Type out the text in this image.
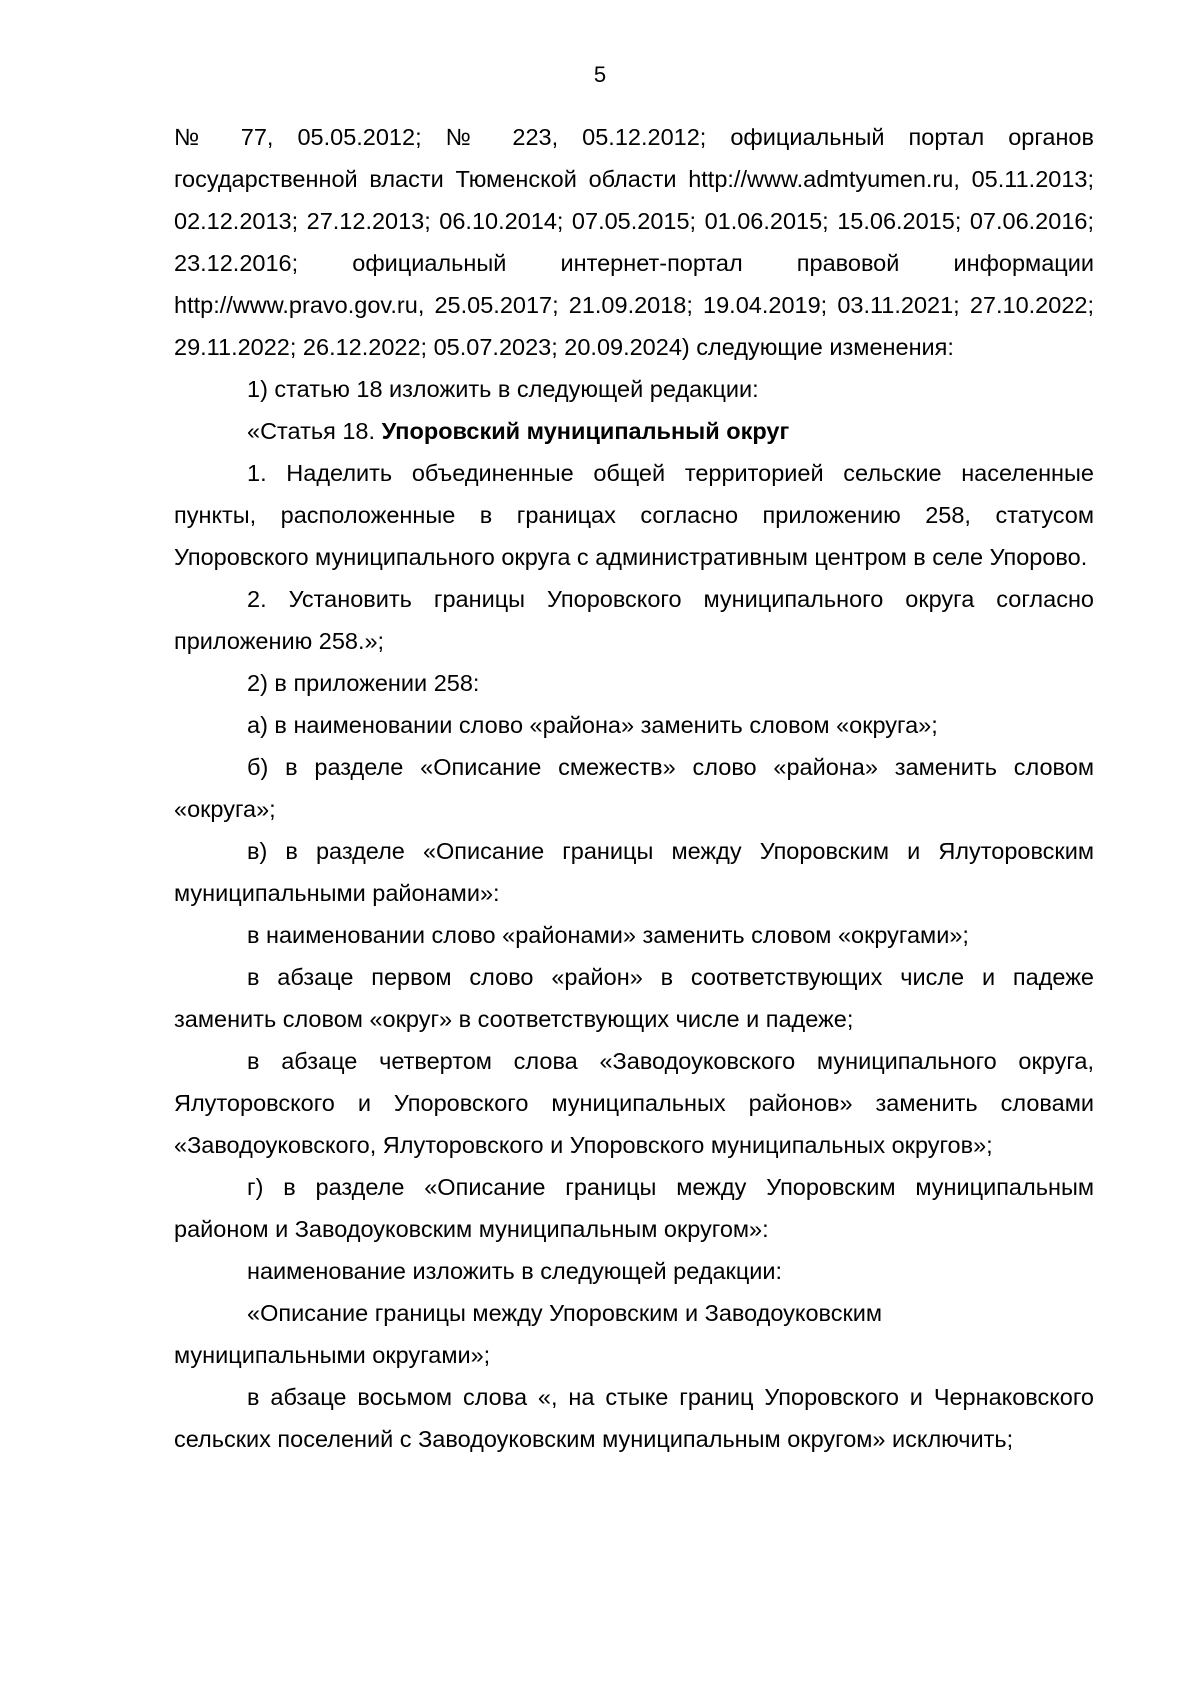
5

№ 77, 05.05.2012; № 223, 05.12.2012; официальный портал органов государственной власти Тюменской области http://www.admtyumen.ru, 05.11.2013; 02.12.2013; 27.12.2013; 06.10.2014; 07.05.2015; 01.06.2015; 15.06.2015; 07.06.2016; 23.12.2016; официальный интернет-портал правовой информации http://www.pravo.gov.ru, 25.05.2017; 21.09.2018; 19.04.2019; 03.11.2021; 27.10.2022; 29.11.2022; 26.12.2022; 05.07.2023; 20.09.2024) следующие изменения:

1) статью 18 изложить в следующей редакции:

«Статья 18. Упоровский муниципальный округ

1. Наделить объединенные общей территорией сельские населенные пункты, расположенные в границах согласно приложению 258, статусом Упоровского муниципального округа с административным центром в селе Упорово.

2. Установить границы Упоровского муниципального округа согласно приложению 258.»;

2) в приложении 258:

а) в наименовании слово «района» заменить словом «округа»;

б) в разделе «Описание смежеств» слово «района» заменить словом «округа»;

в) в разделе «Описание границы между Упоровским и Ялуторовским муниципальными районами»:

в наименовании слово «районами» заменить словом «округами»;

в абзаце первом слово «район» в соответствующих числе и падеже заменить словом «округ» в соответствующих числе и падеже;

в абзаце четвертом слова «Заводоуковского муниципального округа, Ялуторовского и Упоровского муниципальных районов» заменить словами «Заводоуковского, Ялуторовского и Упоровского муниципальных округов»;

г) в разделе «Описание границы между Упоровским муниципальным районом и Заводоуковским муниципальным округом»:

наименование изложить в следующей редакции:

«Описание границы между Упоровским и Заводоуковским

муниципальными округами»;

в абзаце восьмом слова «, на стыке границ Упоровского и Чернаковского сельских поселений с Заводоуковским муниципальным округом» исключить;
